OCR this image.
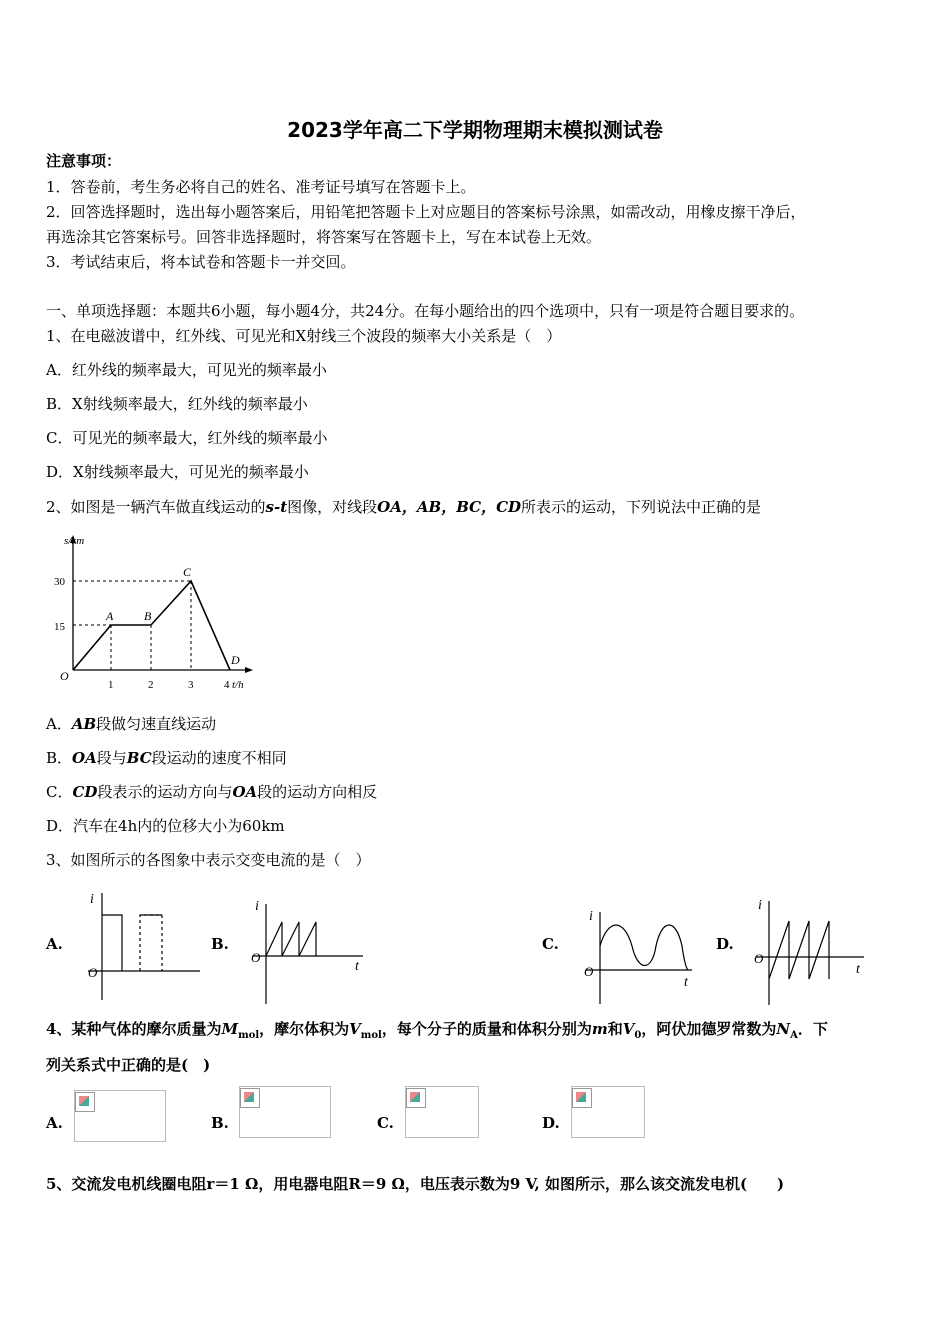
2023学年高二下学期物理期末模拟测试卷
注意事项：
1．答卷前，考生务必将自己的姓名、准考证号填写在答题卡上。
2．回答选择题时，选出每小题答案后，用铅笔把答题卡上对应题目的答案标号涂黑，如需改动，用橡皮擦干净后，
再选涂其它答案标号。回答非选择题时，将答案写在答题卡上，写在本试卷上无效。
3．考试结束后，将本试卷和答题卡一并交回。
一、单项选择题：本题共6小题，每小题4分，共24分。在每小题给出的四个选项中，只有一项是符合题目要求的。
1、在电磁波谱中，红外线、可见光和X射线三个波段的频率大小关系是（　）
A．红外线的频率最大，可见光的频率最小
B．X射线频率最大，红外线的频率最小
C．可见光的频率最大，红外线的频率最小
D．X射线频率最大，可见光的频率最小
2、如图是一辆汽车做直线运动的s-t图像，对线段OA，AB，BC，CD所表示的运动，下列说法中正确的是
s/km
t/h
O
15
30
1	2	3	4
A	B
C
D
A．AB段做匀速直线运动
B．OA段与BC段运动的速度不相同
C．CD段表示的运动方向与OA段的运动方向相反
D．汽车在4h内的位移大小为60km
3、如图所示的各图象中表示交变电流的是（　）
A.
i
O
B.
i
O
t
C.
i
O
t
D.
i
O
t
4、某种气体的摩尔质量为$M_{mol}$，摩尔体积为$V_{mol}$，每个分子的质量和体积分别为m和$V_0$，阿伏加德罗常数为$N_A$．下
列关系式中正确的是(　)
A.	B.	C.	D.
5、交流发电机线圈电阻r＝1 Ω，用电器电阻R＝9 Ω，电压表示数为9 V, 如图所示，那么该交流发电机(　　)
